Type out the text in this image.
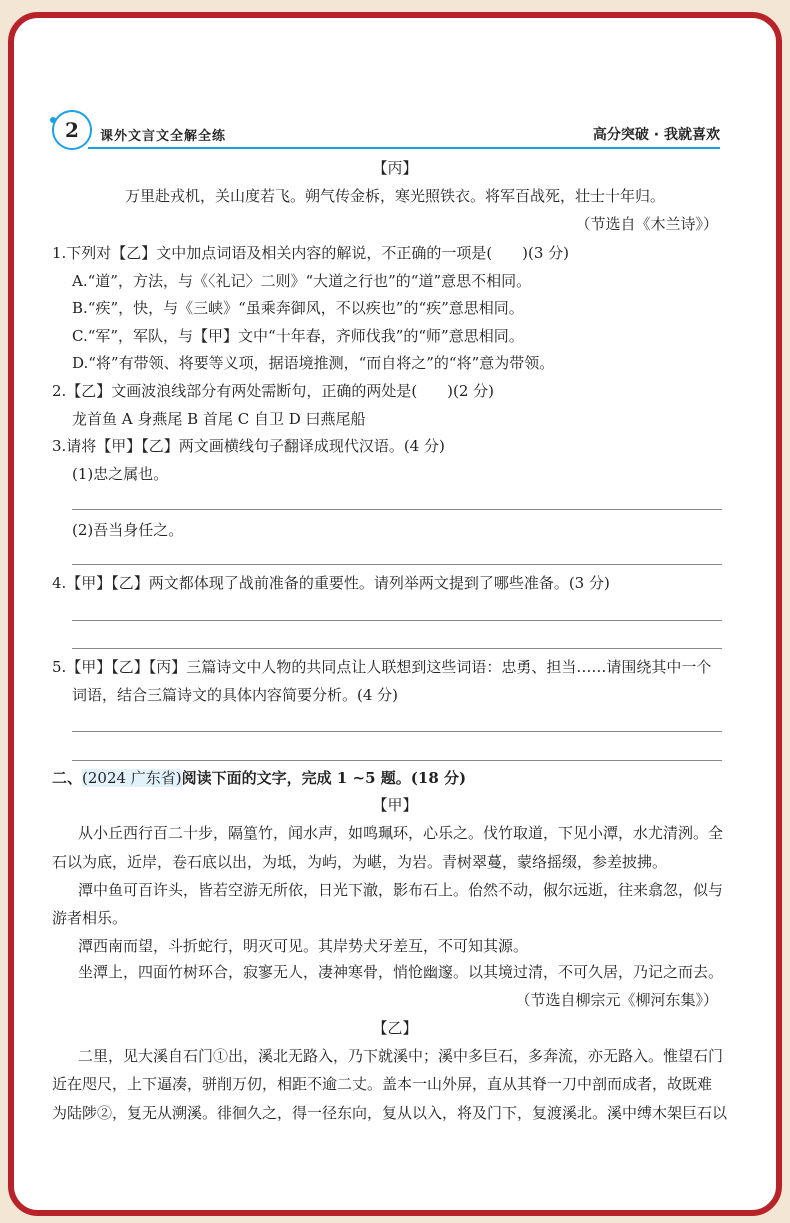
2	课外文言文全解全练	高分突破 · 我就喜欢
【丙】
万里赴戎机，关山度若飞。朔气传金柝，寒光照铁衣。将军百战死，壮士十年归。
（节选自《木兰诗》）
1.下列对【乙】文中加点词语及相关内容的解说，不正确的一项是(　　)(3 分)
A.“道”，方法，与《〈礼记〉二则》“大道之行也”的“道”意思不相同。
B.“疾”，快，与《三峡》“虽乘奔御风，不以疾也”的“疾”意思相同。
C.“军”，军队，与【甲】文中“十年春，齐师伐我”的“师”意思相同。
D.“将”有带领、将要等义项，据语境推测，“而自将之”的“将”意为带领。
2.【乙】文画波浪线部分有两处需断句，正确的两处是(　　)(2 分)
龙首鱼 A 身燕尾 B 首尾 C 自卫 D 曰燕尾船
3.请将【甲】【乙】两文画横线句子翻译成现代汉语。(4 分)
(1)忠之属也。
(2)吾当身任之。
4.【甲】【乙】两文都体现了战前准备的重要性。请列举两文提到了哪些准备。(3 分)
5.【甲】【乙】【丙】三篇诗文中人物的共同点让人联想到这些词语：忠勇、担当……请围绕其中一个
词语，结合三篇诗文的具体内容简要分析。(4 分)
二、(2024 广东省)阅读下面的文字，完成 1 ~5 题。(18 分)
【甲】
从小丘西行百二十步，隔篁竹，闻水声，如鸣珮环，心乐之。伐竹取道，下见小潭，水尤清洌。全
石以为底，近岸，卷石底以出，为坻，为屿，为嵁，为岩。青树翠蔓，蒙络摇缀，参差披拂。
潭中鱼可百许头，皆若空游无所依，日光下澈，影布石上。佁然不动，俶尔远逝，往来翕忽，似与
游者相乐。
潭西南而望，斗折蛇行，明灭可见。其岸势犬牙差互，不可知其源。
坐潭上，四面竹树环合，寂寥无人，凄神寒骨，悄怆幽邃。以其境过清，不可久居，乃记之而去。
（节选自柳宗元《柳河东集》）
【乙】
二里，见大溪自石门①出，溪北无路入，乃下就溪中；溪中多巨石，多奔流，亦无路入。惟望石门
近在咫尺，上下逼凑，骈削万仞，相距不逾二丈。盖本一山外屏，直从其脊一刀中剖而成者，故既难
为陆陟②，复无从溯溪。徘徊久之，得一径东向，复从以入，将及门下，复渡溪北。溪中缚木架巨石以
